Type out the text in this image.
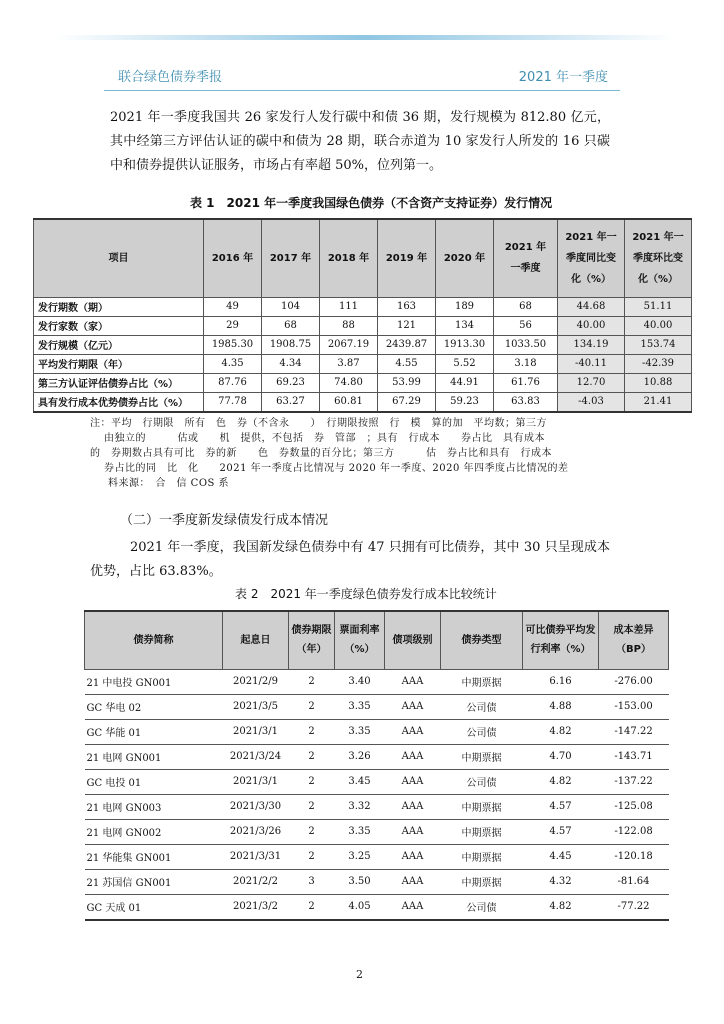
联合绿色债券季报	2021 年一季度
2021 年一季度我国共 26 家发行人发行碳中和债 36 期，发行规模为 812.80 亿元，其中经第三方评估认证的碳中和债为 28 期，联合赤道为 10 家发行人所发的 16 只碳中和债券提供认证服务，市场占有率超 50%，位列第一。
表 1　2021 年一季度我国绿色债券（不含资产支持证券）发行情况
项目	2016 年	2017 年	2018 年	2019 年	2020 年	2021 年一季度	2021 年一季度同比变化（%）	2021 年一季度环比变化（%）
发行期数（期）	49	104	111	163	189	68	44.68	51.11
发行家数（家）	29	68	88	121	134	56	40.00	40.00
发行规模（亿元）	1985.30	1908.75	2067.19	2439.87	1913.30	1033.50	134.19	153.74
平均发行期限（年）	4.35	4.34	3.87	4.55	5.52	3.18	-40.11	-42.39
第三方认证评估债券占比（%）	87.76	69.23	74.80	53.99	44.91	61.76	12.70	10.88
具有发行成本优势债券占比（%）	77.78	63.27	60.81	67.29	59.23	63.83	-4.03	21.41
注：平均　行期限　所有　色　券（不含永　　）　行期限按照　行　模　算的加　平均数；第三方
由独立的　　　估或　　机　提供，不包括　券　管部　；具有　行成本　　券占比　具有成本
的　券期数占具有可比　券的新　　色　券数量的百分比；第三方　　　估　券占比和具有　行成本
券占比的同　比　化　　2021 年一季度占比情况与 2020 年一季度、2020 年四季度占比情况的差
料来源：　合　信 COS 系
（二）一季度新发绿债发行成本情况
2021 年一季度，我国新发绿色债券中有 47 只拥有可比债券，其中 30 只呈现成本优势，占比 63.83%。
表 2　2021 年一季度绿色债券发行成本比较统计
债券简称	起息日	债券期限（年）	票面利率（%）	债项级别	债券类型	可比债券平均发行利率（%）	成本差异（BP）
21 中电投 GN001	2021/2/9	2	3.40	AAA	中期票据	6.16	-276.00
GC 华电 02	2021/3/5	2	3.35	AAA	公司债	4.88	-153.00
GC 华能 01	2021/3/1	2	3.35	AAA	公司债	4.82	-147.22
21 电网 GN001	2021/3/24	2	3.26	AAA	中期票据	4.70	-143.71
GC 电投 01	2021/3/1	2	3.45	AAA	公司债	4.82	-137.22
21 电网 GN003	2021/3/30	2	3.32	AAA	中期票据	4.57	-125.08
21 电网 GN002	2021/3/26	2	3.35	AAA	中期票据	4.57	-122.08
21 华能集 GN001	2021/3/31	2	3.25	AAA	中期票据	4.45	-120.18
21 苏国信 GN001	2021/2/2	3	3.50	AAA	中期票据	4.32	-81.64
GC 天成 01	2021/3/2	2	4.05	AAA	公司债	4.82	-77.22
2
